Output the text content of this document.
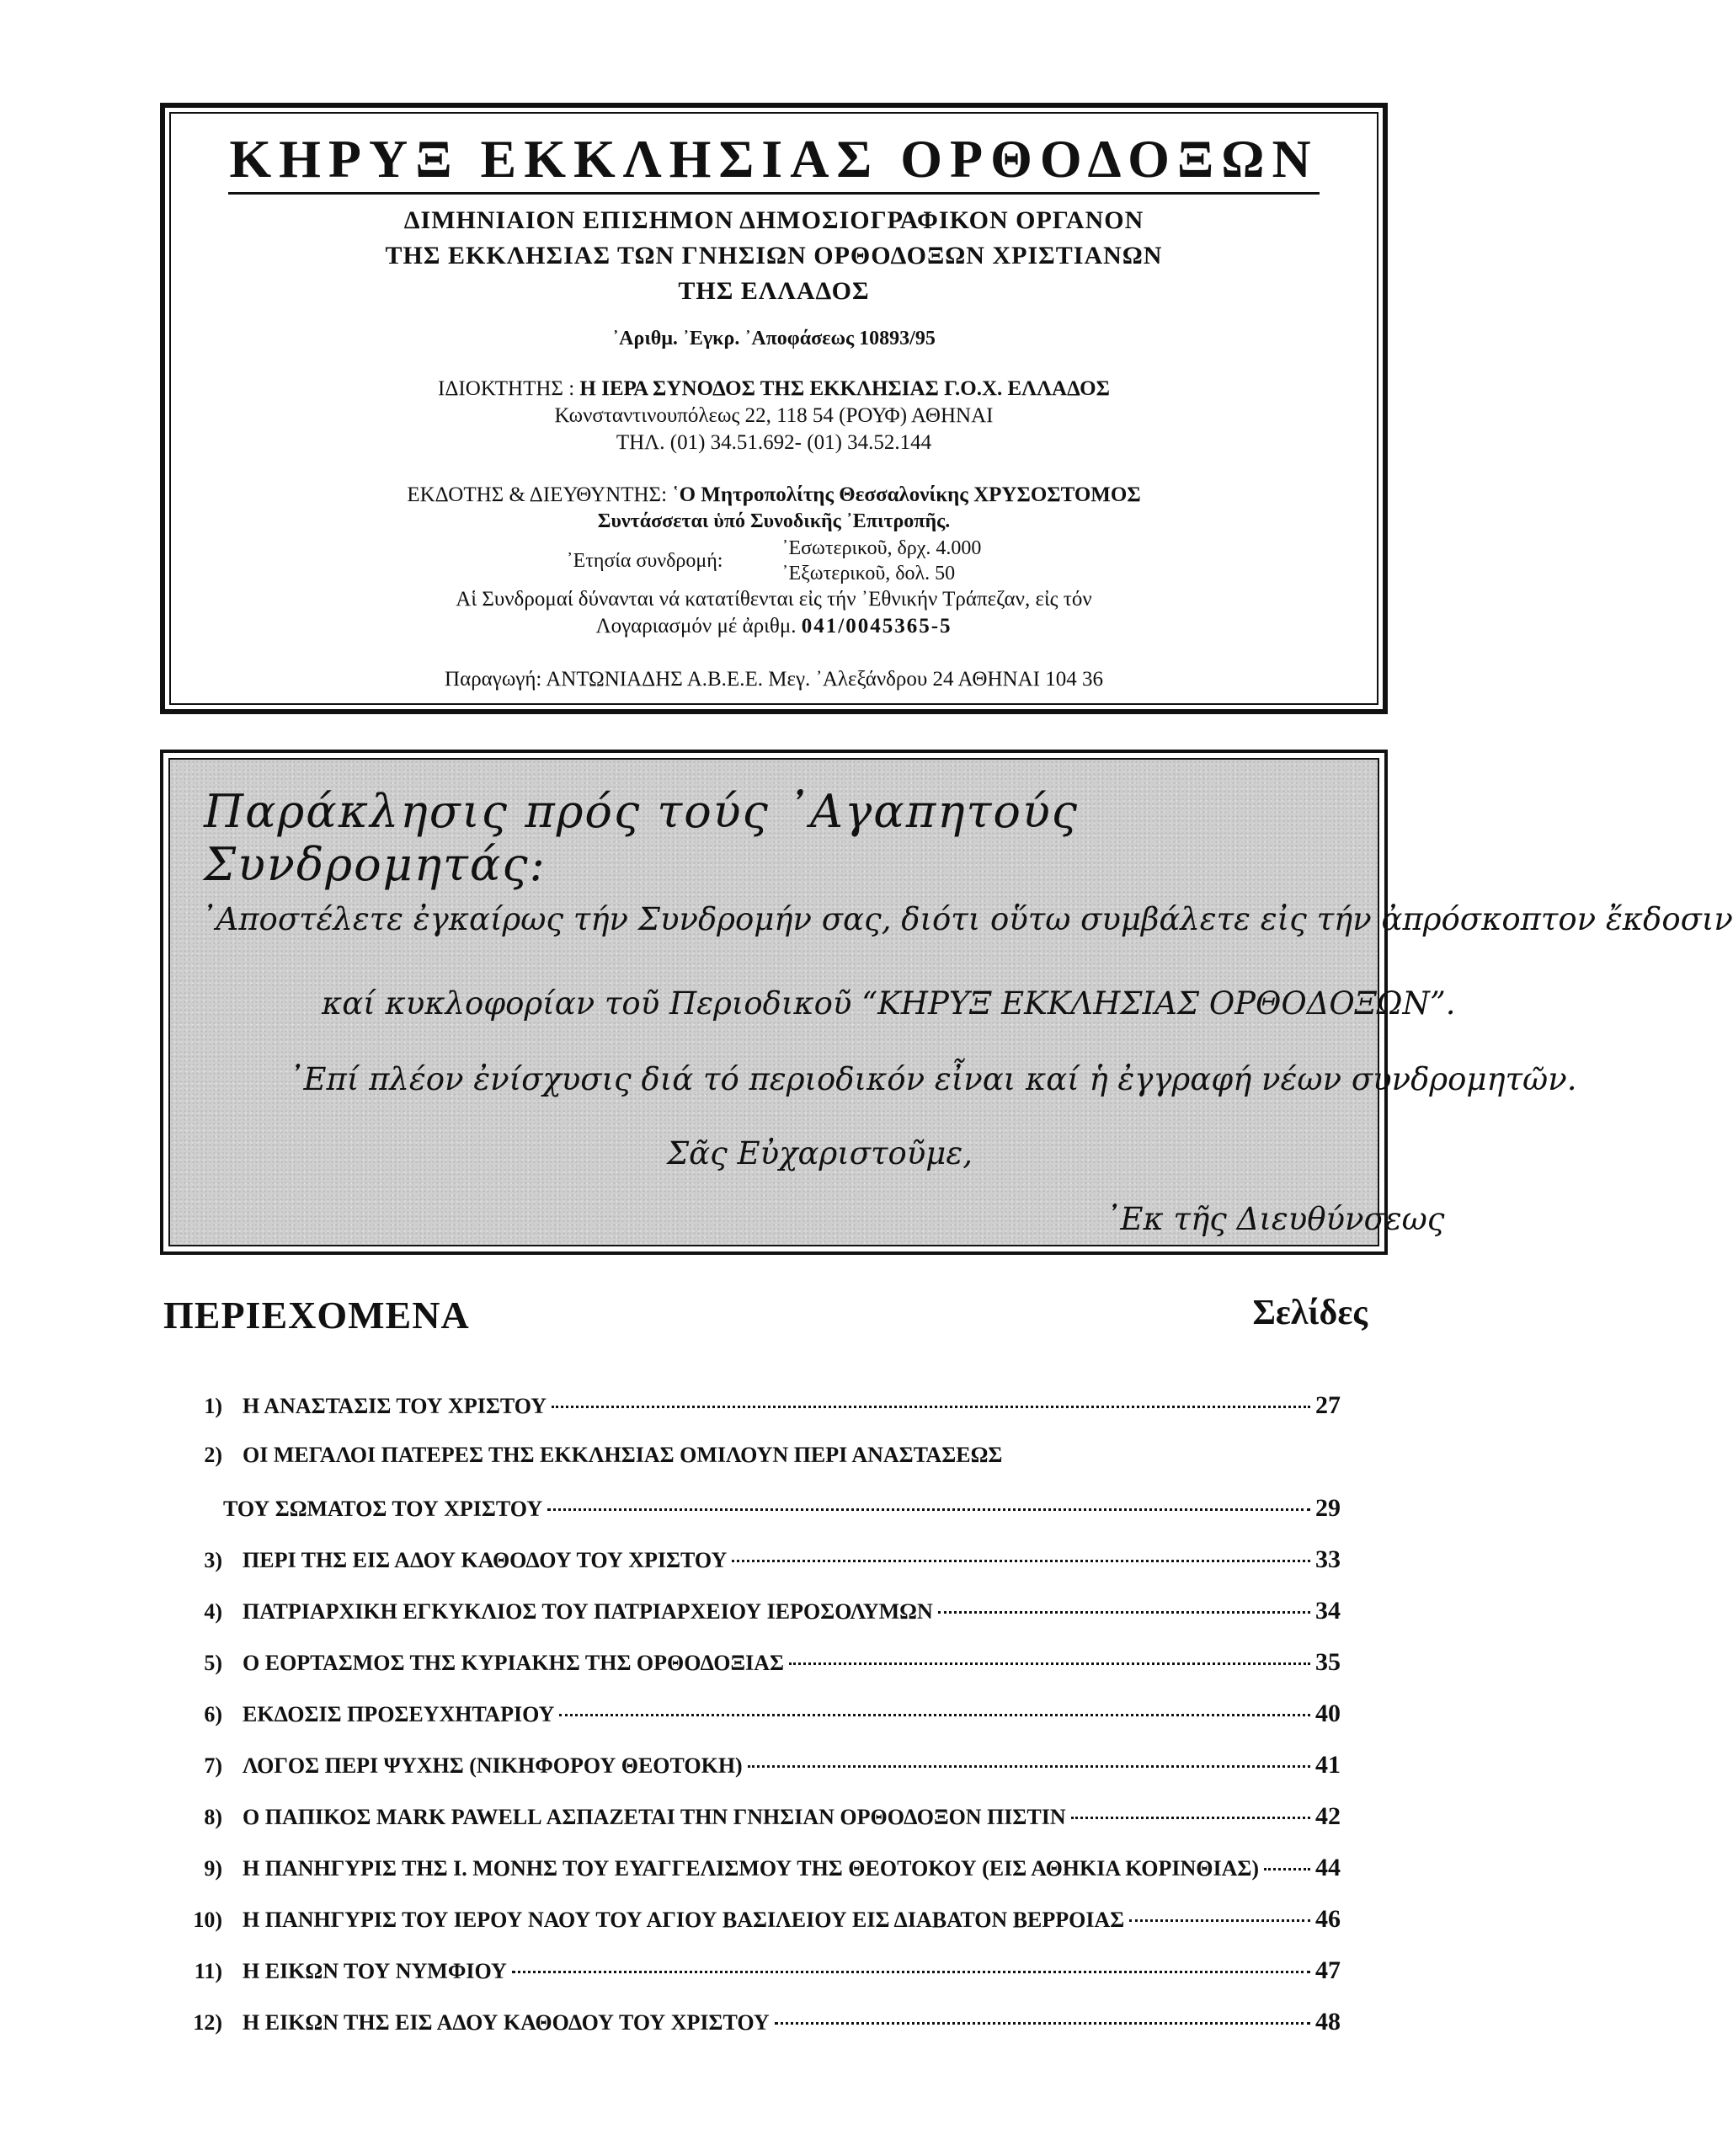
ΚΗΡΥΞ ΕΚΚΛΗΣΙΑΣ ΟΡΘΟΔΟΞΩΝ
ΔΙΜΗΝΙΑΙΟΝ ΕΠΙΣΗΜΟΝ ΔΗΜΟΣΙΟΓΡΑΦΙΚΟΝ ΟΡΓΑΝΟΝ
ΤΗΣ ΕΚΚΛΗΣΙΑΣ ΤΩΝ ΓΝΗΣΙΩΝ ΟΡΘΟΔΟΞΩΝ ΧΡΙΣΤΙΑΝΩΝ
ΤΗΣ ΕΛΛΑΔΟΣ
᾿Αριθμ. ᾿Εγκρ. ᾿Αποφάσεως 10893/95
ΙΔΙΟΚΤΗΤΗΣ : Η ΙΕΡΑ ΣΥΝΟΔΟΣ ΤΗΣ ΕΚΚΛΗΣΙΑΣ Γ.Ο.Χ. ΕΛΛΑΔΟΣ
Κωνσταντινουπόλεως 22, 118 54 (ΡΟΥΦ) ΑΘΗΝΑΙ
ΤΗΛ. (01) 34.51.692- (01) 34.52.144
ΕΚΔΟΤΗΣ & ΔΙΕΥΘΥΝΤΗΣ: ῾Ο Μητροπολίτης Θεσσαλονίκης ΧΡΥΣΟΣΤΟΜΟΣ
Συντάσσεται ὑπό Συνοδικῆς ᾿Επιτροπῆς.
᾿Ετησία συνδρομή:
᾿Εσωτερικοῦ, δρχ. 4.000
᾿Εξωτερικοῦ, δολ. 50
Αἱ Συνδρομαί δύνανται νά κατατίθενται εἰς τήν ᾿Εθνικήν Τράπεζαν, εἰς τόν
Λογαριασμόν μέ ἀριθμ. 041/0045365-5
Παραγωγή: ΑΝΤΩΝΙΑΔΗΣ Α.Β.Ε.Ε. Μεγ. ᾿Αλεξάνδρου 24 ΑΘΗΝΑΙ 104 36
Παράκλησις πρός τούς ᾿Αγαπητούς Συνδρομητάς:
᾿Αποστέλετε ἐγκαίρως τήν Συνδρομήν σας, διότι οὕτω συμβάλετε εἰς τήν ἀπρόσκοπτον ἔκδοσιν
καί κυκλοφορίαν τοῦ Περιοδικοῦ “ΚΗΡΥΞ ΕΚΚΛΗΣΙΑΣ ΟΡΘΟΔΟΞΩΝ”.
᾿Επί πλέον ἐνίσχυσις διά τό περιοδικόν εἶναι καί ἡ ἐγγραφή νέων συνδρομητῶν.
Σᾶς Εὐχαριστοῦμε,
᾿Εκ τῆς Διευθύνσεως
ΠΕΡΙΕΧΟΜΕΝΑ	Σελίδες
1) Η ΑΝΑΣΤΑΣΙΣ ΤΟΥ ΧΡΙΣΤΟΥ	27
2) ΟΙ ΜΕΓΑΛΟΙ ΠΑΤΕΡΕΣ ΤΗΣ ΕΚΚΛΗΣΙΑΣ ΟΜΙΛΟΥΝ ΠΕΡΙ ΑΝΑΣΤΑΣΕΩΣ
ΤΟΥ ΣΩΜΑΤΟΣ ΤΟΥ ΧΡΙΣΤΟΥ	29
3) ΠΕΡΙ ΤΗΣ ΕΙΣ ΑΔΟΥ ΚΑΘΟΔΟΥ ΤΟΥ ΧΡΙΣΤΟΥ	33
4) ΠΑΤΡΙΑΡΧΙΚΗ ΕΓΚΥΚΛΙΟΣ ΤΟΥ ΠΑΤΡΙΑΡΧΕΙΟΥ ΙΕΡΟΣΟΛΥΜΩΝ	34
5) Ο ΕΟΡΤΑΣΜΟΣ ΤΗΣ ΚΥΡΙΑΚΗΣ ΤΗΣ ΟΡΘΟΔΟΞΙΑΣ	35
6) ΕΚΔΟΣΙΣ ΠΡΟΣΕΥΧΗΤΑΡΙΟΥ	40
7) ΛΟΓΟΣ ΠΕΡΙ ΨΥΧΗΣ (ΝΙΚΗΦΟΡΟΥ ΘΕΟΤΟΚΗ)	41
8) Ο ΠΑΠΙΚΟΣ MARK PAWELL ΑΣΠΑΖΕΤΑΙ ΤΗΝ ΓΝΗΣΙΑΝ ΟΡΘΟΔΟΞΟΝ ΠΙΣΤΙΝ	42
9) Η ΠΑΝΗΓΥΡΙΣ ΤΗΣ Ι. ΜΟΝΗΣ ΤΟΥ ΕΥΑΓΓΕΛΙΣΜΟΥ ΤΗΣ ΘΕΟΤΟΚΟΥ (ΕΙΣ ΑΘΗΚΙΑ ΚΟΡΙΝΘΙΑΣ) 44
10) Η ΠΑΝΗΓΥΡΙΣ ΤΟΥ ΙΕΡΟΥ ΝΑΟΥ ΤΟΥ ΑΓΙΟΥ ΒΑΣΙΛΕΙΟΥ ΕΙΣ ΔΙΑΒΑΤΟΝ ΒΕΡΡΟΙΑΣ	46
11) Η ΕΙΚΩΝ ΤΟΥ ΝΥΜΦΙΟΥ	47
12) Η ΕΙΚΩΝ ΤΗΣ ΕΙΣ ΑΔΟΥ ΚΑΘΟΔΟΥ ΤΟΥ ΧΡΙΣΤΟΥ	48
